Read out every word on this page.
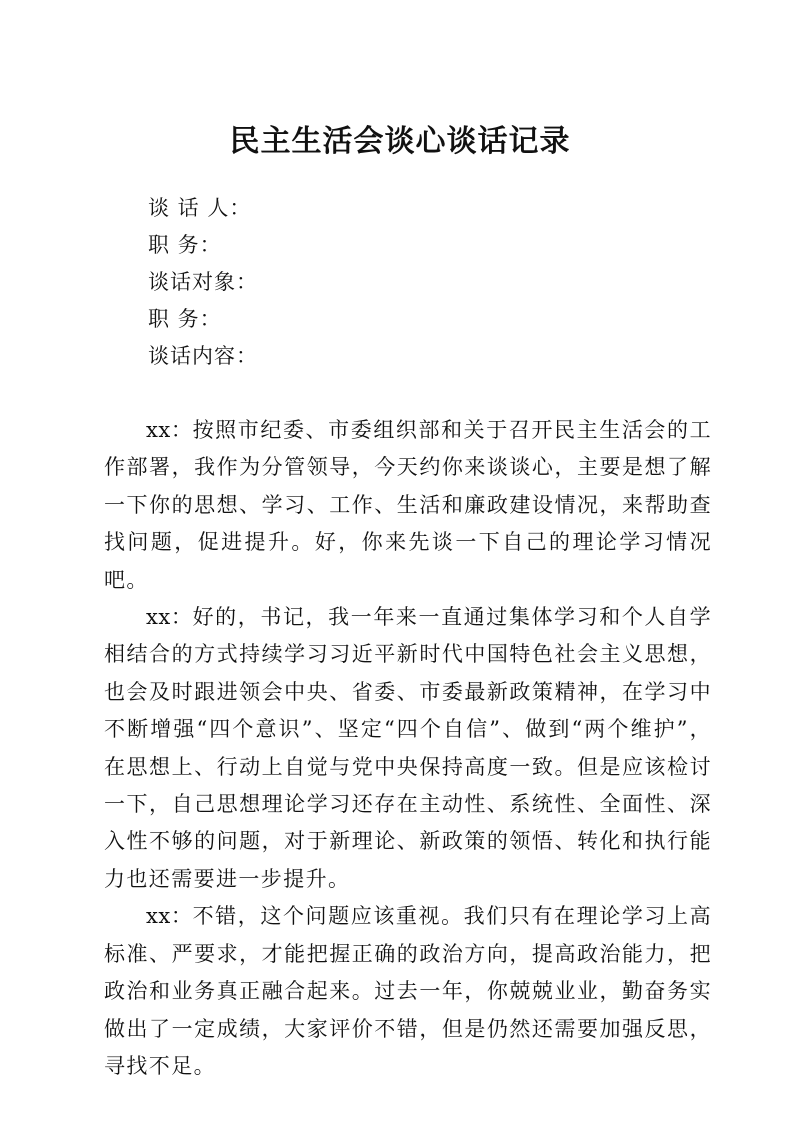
民主生活会谈心谈话记录
谈 话 人：
职 务：
谈话对象：
职 务：
谈话内容：

xx：按照市纪委、市委组织部和关于召开民主生活会的工作部署，我作为分管领导，今天约你来谈谈心，主要是想了解一下你的思想、学习、工作、生活和廉政建设情况，来帮助查找问题，促进提升。好，你来先谈一下自己的理论学习情况吧。

xx：好的，书记，我一年来一直通过集体学习和个人自学相结合的方式持续学习习近平新时代中国特色社会主义思想，也会及时跟进领会中央、省委、市委最新政策精神，在学习中不断增强“四个意识”、坚定“四个自信”、做到“两个维护”，在思想上、行动上自觉与党中央保持高度一致。但是应该检讨一下，自己思想理论学习还存在主动性、系统性、全面性、深入性不够的问题，对于新理论、新政策的领悟、转化和执行能力也还需要进一步提升。

xx：不错，这个问题应该重视。我们只有在理论学习上高标准、严要求，才能把握正确的政治方向，提高政治能力，把政治和业务真正融合起来。过去一年，你兢兢业业，勤奋务实做出了一定成绩，大家评价不错，但是仍然还需要加强反思，寻找不足。
